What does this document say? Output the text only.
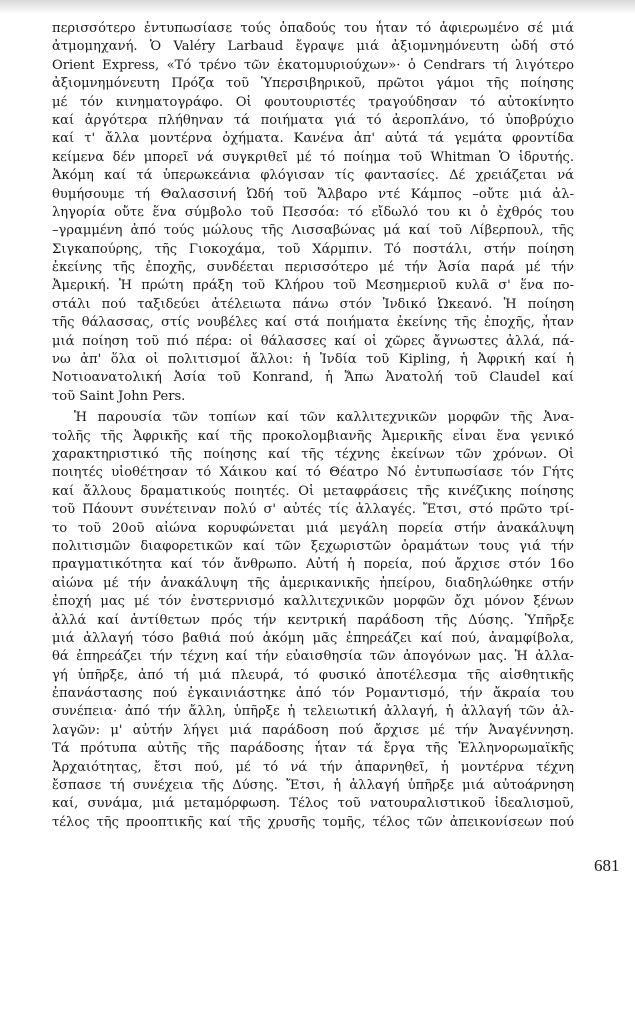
περισσότερο ἐντυπωσίασε τούς ὀπαδούς του ἦταν τό ἀφιερωμένο σέ μιά
ἀτμομηχανή. Ὁ Valéry Larbaud ἔγραψε μιά ἀξιομνημόνευτη ὠδή στό
Orient Express, «Τό τρένο τῶν ἑκατομυριούχων»· ὁ Cendrars τή λιγότερο
ἀξιομνημόνευτη Πρόζα τοῦ Ὑπερσιβηρικοῦ, πρῶτοι γάμοι τῆς ποίησης
μέ τόν κινηματογράφο. Οἱ φουτουριστές τραγούδησαν τό αὐτοκίνητο
καί ἀργότερα πλήθηναν τά ποιήματα γιά τό ἀεροπλάνο, τό ὑποβρύχιο
καί τ' ἄλλα μοντέρνα ὀχήματα. Κανένα ἀπ' αὐτά τά γεμάτα φροντίδα
κείμενα δέν μπορεῖ νά συγκριθεῖ μέ τό ποίημα τοῦ Whitman Ὁ ἱδρυτής.
Ἀκόμη καί τά ὑπερωκεάνια φλόγισαν τίς φαντασίες. Δέ χρειάζεται νά
θυμήσουμε τή Θαλασσινή Ὠδή τοῦ Ἄλβαρο ντέ Κάμπος –οὔτε μιά ἀλ-
ληγορία οὔτε ἕνα σύμβολο τοῦ Πεσσόα: τό εἴδωλό του κι ὁ ἐχθρός του
–γραμμένη ἀπό τούς μώλους τῆς Λισσαβώνας μά καί τοῦ Λίβερπουλ, τῆς
Σιγκαπούρης, τῆς Γιοκοχάμα, τοῦ Χάρμπιν. Τό ποστάλι, στήν ποίηση
ἐκείνης τῆς ἐποχῆς, συνδέεται περισσότερο μέ τήν Ἀσία παρά μέ τήν
Ἀμερική. Ἡ πρώτη πράξη τοῦ Κλήρου τοῦ Μεσημεριοῦ κυλᾶ σ' ἕνα πο-
στάλι πού ταξιδεύει ἀτέλειωτα πάνω στόν Ἰνδικό Ὠκεανό. Ἡ ποίηση
τῆς θάλασσας, στίς νουβέλες καί στά ποιήματα ἐκείνης τῆς ἐποχῆς, ἦταν
μιά ποίηση τοῦ πιό πέρα: οἱ θάλασσες καί οἱ χῶρες ἄγνωστες ἀλλά, πά-
νω ἀπ' ὅλα οἱ πολιτισμοί ἄλλοι: ἡ Ἰνδία τοῦ Kipling, ἡ Ἀφρική καί ἡ
Νοτιοανατολική Ἀσία τοῦ Konrand, ἡ Ἄπω Ἀνατολή τοῦ Claudel καί
τοῦ Saint John Pers.
Ἡ παρουσία τῶν τοπίων καί τῶν καλλιτεχνικῶν μορφῶν τῆς Ἀνα-
τολῆς τῆς Ἀφρικῆς καί τῆς προκολομβιανῆς Ἀμερικῆς εἶναι ἕνα γενικό
χαρακτηριστικό τῆς ποίησης καί τῆς τέχνης ἐκείνων τῶν χρόνων. Οἱ
ποιητές υἱοθέτησαν τό Χάικου καί τό Θέατρο Νό ἐντυπωσίασε τόν Γήτς
καί ἄλλους δραματικούς ποιητές. Οἱ μεταφράσεις τῆς κινέζικης ποίησης
τοῦ Πάουντ συνέτειναν πολύ σ' αὐτές τίς ἀλλαγές. Ἔτσι, στό πρῶτο τρί-
το τοῦ 20οῦ αἰώνα κορυφώνεται μιά μεγάλη πορεία στήν ἀνακάλυψη
πολιτισμῶν διαφορετικῶν καί τῶν ξεχωριστῶν ὁραμάτων τους γιά τήν
πραγματικότητα καί τόν ἄνθρωπο. Αὐτή ἡ πορεία, πού ἄρχισε στόν 16ο
αἰώνα μέ τήν ἀνακάλυψη τῆς ἀμερικανικῆς ἠπείρου, διαδηλώθηκε στήν
ἐποχή μας μέ τόν ἐνστερνισμό καλλιτεχνικῶν μορφῶν ὄχι μόνον ξένων
ἀλλά καί ἀντίθετων πρός τήν κεντρική παράδοση τῆς Δύσης. Ὑπῆρξε
μιά ἀλλαγή τόσο βαθιά πού ἀκόμη μᾶς ἐπηρεάζει καί πού, ἀναμφίβολα,
θά ἐπηρεάζει τήν τέχνη καί τήν εὐαισθησία τῶν ἀπογόνων μας. Ἡ ἀλλα-
γή ὑπῆρξε, ἀπό τή μιά πλευρά, τό φυσικό ἀποτέλεσμα τῆς αἰσθητικῆς
ἐπανάστασης πού ἐγκαινιάστηκε ἀπό τόν Ρομαντισμό, τήν ἄκραία του
συνέπεια· ἀπό τήν ἄλλη, ὑπῆρξε ἡ τελειωτική ἀλλαγή, ἡ ἀλλαγή τῶν ἀλ-
λαγῶν: μ' αὐτήν λήγει μιά παράδοση πού ἄρχισε μέ τήν Ἀναγέννηση.
Τά πρότυπα αὐτῆς τῆς παράδοσης ἦταν τά ἔργα τῆς Ἑλληνορωμαϊκῆς
Ἀρχαιότητας, ἔτσι πού, μέ τό νά τήν ἀπαρνηθεῖ, ἡ μοντέρνα τέχνη
ἔσπασε τή συνέχεια τῆς Δύσης. Ἔτσι, ἡ ἀλλαγή ὑπῆρξε μιά αὐτοάρνηση
καί, συνάμα, μιά μεταμόρφωση. Τέλος τοῦ νατουραλιστικοῦ ἰδεαλισμοῦ,
τέλος τῆς προοπτικῆς καί τῆς χρυσῆς τομῆς, τέλος τῶν ἀπεικονίσεων πού
681
